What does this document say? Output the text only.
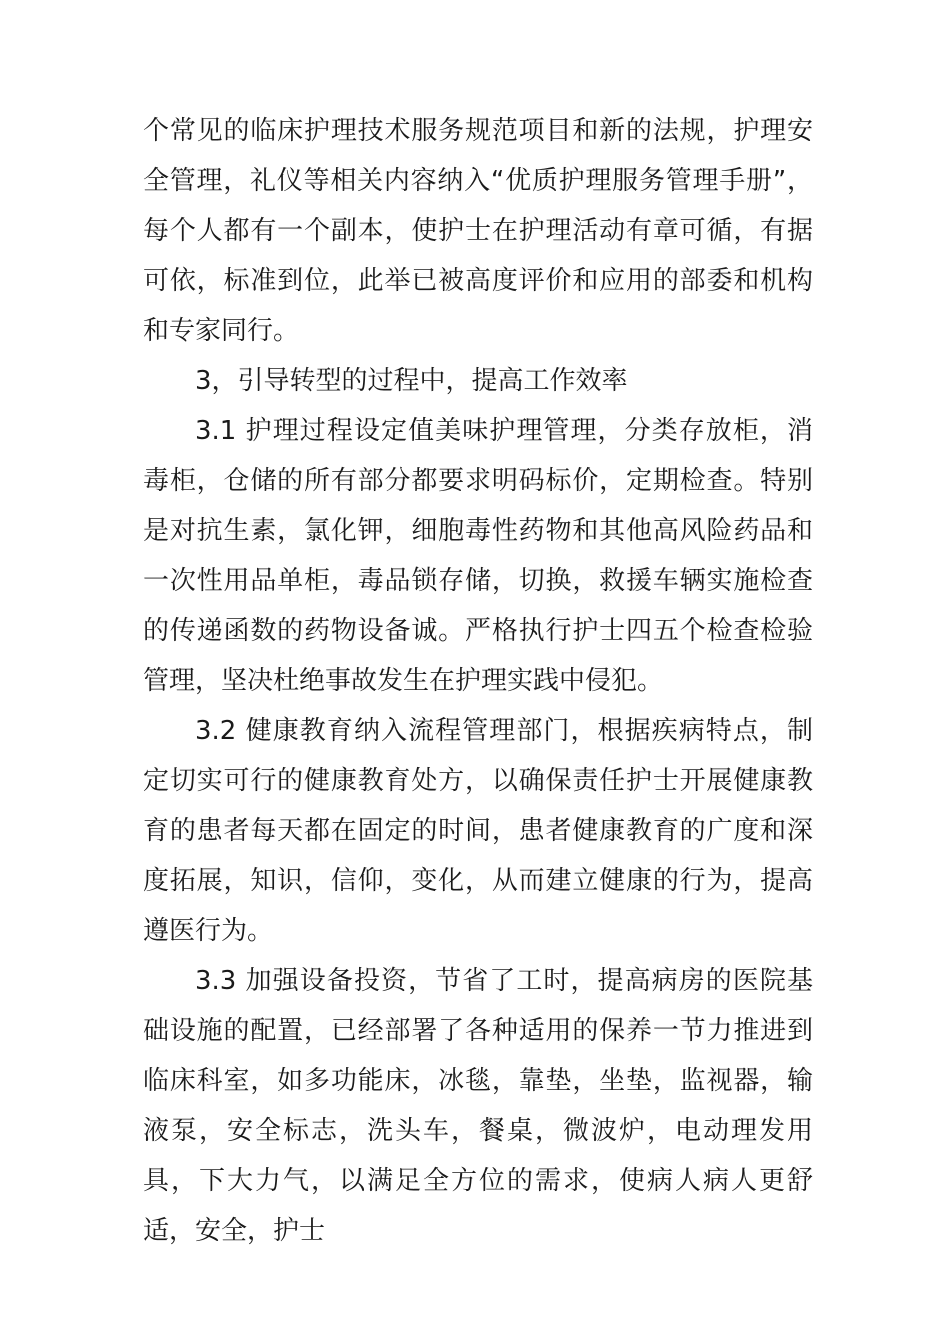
个常见的临床护理技术服务规范项目和新的法规，护理安全管理，礼仪等相关内容纳入“优质护理服务管理手册”，每个人都有一个副本，使护士在护理活动有章可循，有据可依，标准到位，此举已被高度评价和应用的部委和机构和专家同行。

3，引导转型的过程中，提高工作效率

3.1 护理过程设定值美味护理管理，分类存放柜，消毒柜，仓储的所有部分都要求明码标价，定期检查。特别是对抗生素，氯化钾，细胞毒性药物和其他高风险药品和一次性用品单柜，毒品锁存储，切换，救援车辆实施检查的传递函数的药物设备诚。严格执行护士四五个检查检验管理，坚决杜绝事故发生在护理实践中侵犯。

3.2 健康教育纳入流程管理部门，根据疾病特点，制定切实可行的健康教育处方，以确保责任护士开展健康教育的患者每天都在固定的时间，患者健康教育的广度和深度拓展，知识，信仰，变化，从而建立健康的行为，提高遵医行为。

3.3 加强设备投资，节省了工时，提高病房的医院基础设施的配置，已经部署了各种适用的保养一节力推进到临床科室，如多功能床，冰毯，靠垫，坐垫，监视器，输液泵，安全标志，洗头车，餐桌，微波炉，电动理发用具，下大力气，以满足全方位的需求，使病人病人更舒适，安全，护士
